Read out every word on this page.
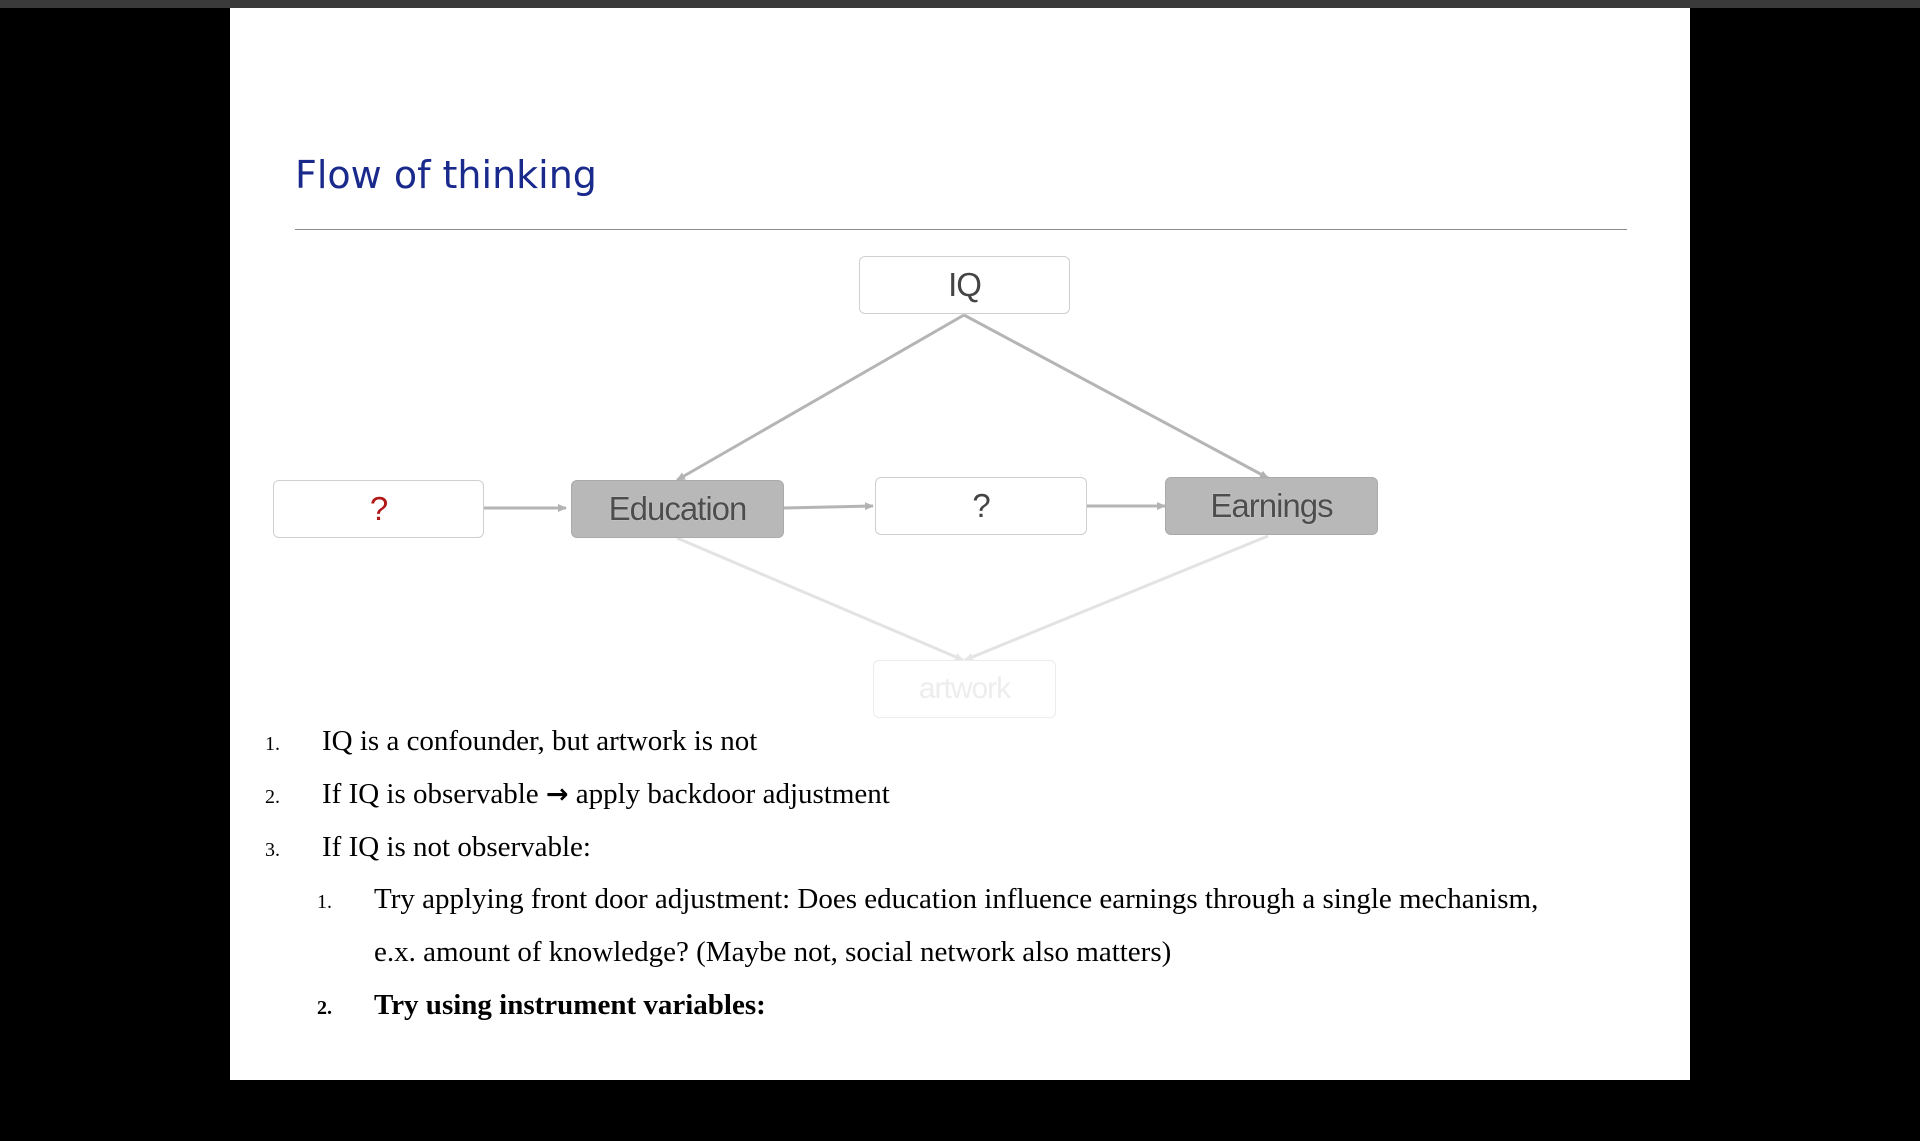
Flow of thinking
IQ
?	Education	?	Earnings
artwork
1. IQ is a confounder, but artwork is not
2. If IQ is observable → apply backdoor adjustment
3. If IQ is not observable:
1. Try applying front door adjustment: Does education influence earnings through a single mechanism,
e.x. amount of knowledge? (Maybe not, social network also matters)
2. Try using instrument variables:

e.g. Angrist & Krueger (1991):  birth quarter; compulsory education laws
